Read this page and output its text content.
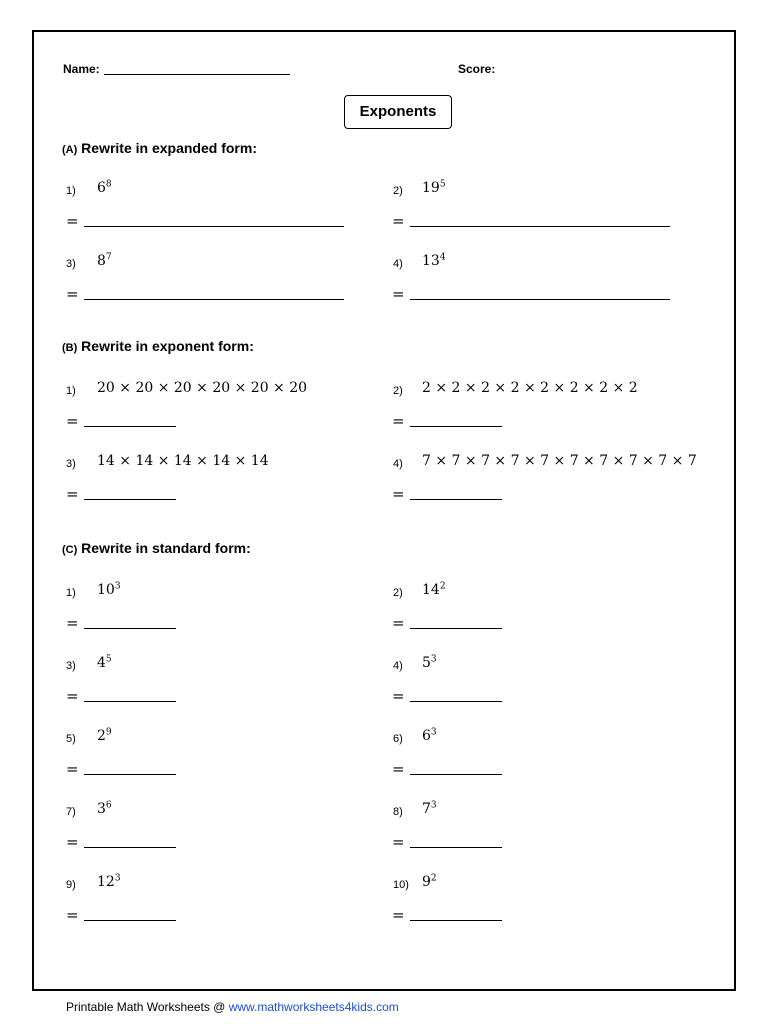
Name:	Score:
Exponents
(A) Rewrite in expanded form:
1) $6^8$
=
2) $19^5$
=
3) $8^7$
=
4) $13^4$
=
(B) Rewrite in exponent form:
1) 20 × 20 × 20 × 20 × 20 × 20
=
2) 2 × 2 × 2 × 2 × 2 × 2 × 2 × 2
=
3) 14 × 14 × 14 × 14 × 14
=
4) 7 × 7 × 7 × 7 × 7 × 7 × 7 × 7 × 7 × 7
=
(C) Rewrite in standard form:
1) $10^3$
=
2) $14^2$
=
3) $4^5$
=
4) $5^3$
=
5) $2^9$
=
6) $6^3$
=
7) $3^6$
=
8) $7^3$
=
9) $12^3$
=
10) $9^2$
=
Printable Math Worksheets @ www.mathworksheets4kids.com
